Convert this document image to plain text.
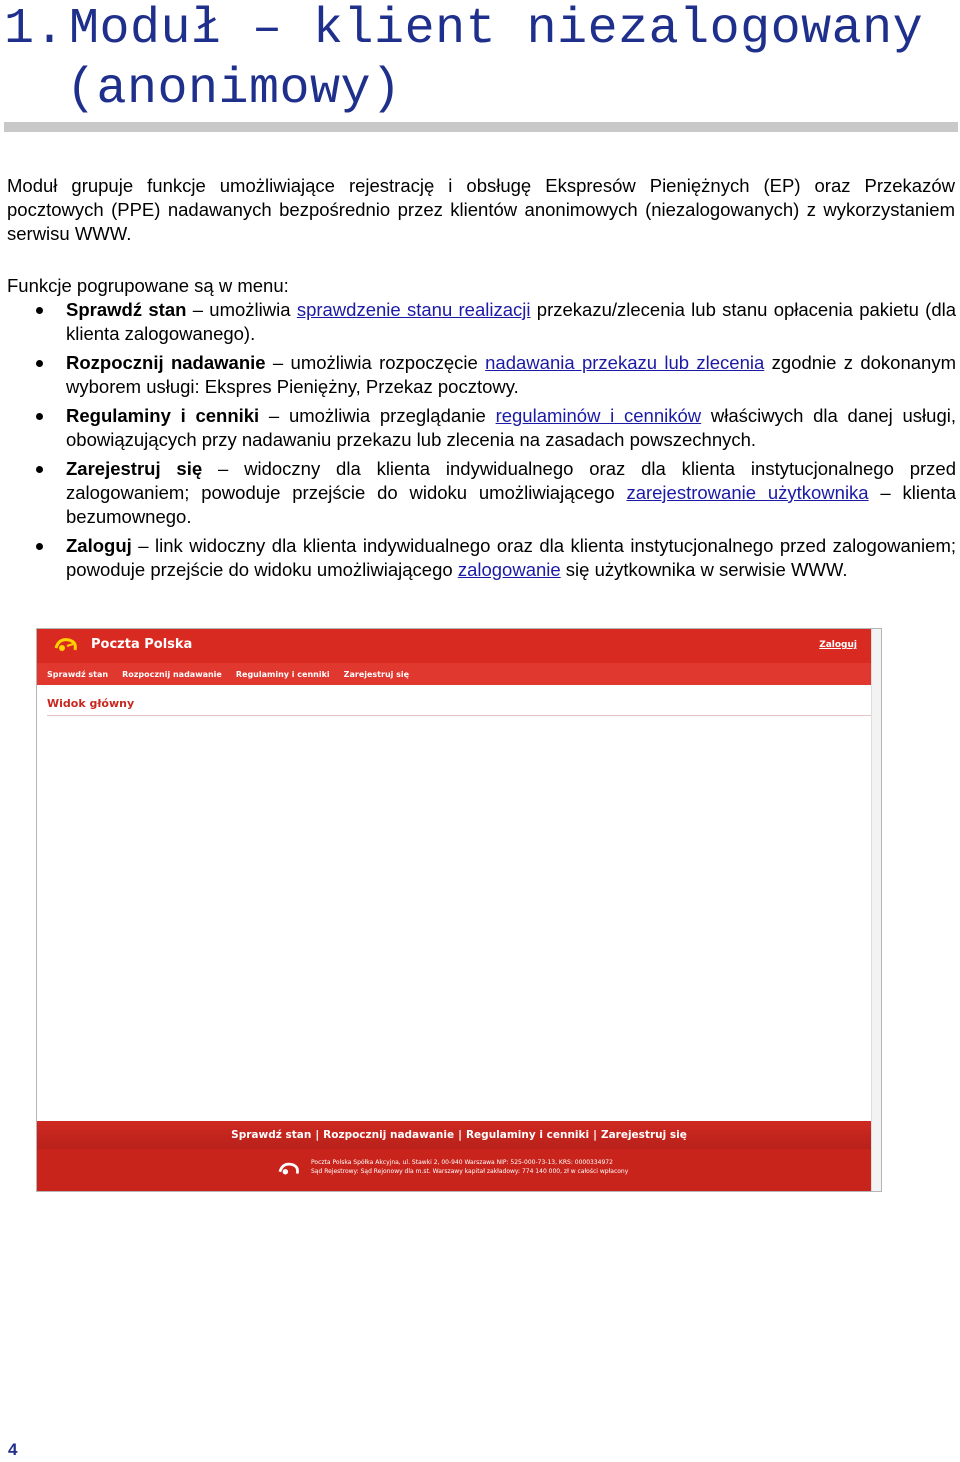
1.Moduł – klient niezalogowany
(anonimowy)
Moduł grupuje funkcje umożliwiające rejestrację i obsługę Ekspresów Pieniężnych (EP) oraz Przekazów pocztowych (PPE) nadawanych bezpośrednio przez klientów anonimowych (niezalogowanych) z wykorzystaniem serwisu WWW.
Funkcje pogrupowane są w menu:
Sprawdź stan – umożliwia sprawdzenie stanu realizacji przekazu/zlecenia lub stanu opłacenia pakietu (dla klienta zalogowanego).
Rozpocznij nadawanie – umożliwia rozpoczęcie nadawania przekazu lub zlecenia zgodnie z dokonanym wyborem usługi: Ekspres Pieniężny, Przekaz pocztowy.
Regulaminy i cenniki – umożliwia przeglądanie regulaminów i cenników właściwych dla danej usługi, obowiązujących przy nadawaniu przekazu lub zlecenia na zasadach powszechnych.
Zarejestruj się – widoczny dla klienta indywidualnego oraz dla klienta instytucjonalnego przed zalogowaniem; powoduje przejście do widoku umożliwiającego zarejestrowanie użytkownika – klienta bezumownego.
Zaloguj – link widoczny dla klienta indywidualnego oraz dla klienta instytucjonalnego przed zalogowaniem; powoduje przejście do widoku umożliwiającego zalogowanie się użytkownika w serwisie WWW.
Poczta Polska	Zaloguj
Sprawdź stan Rozpocznij nadawanie Regulaminy i cenniki Zarejestruj się
Widok główny
Sprawdź stan | Rozpocznij nadawanie | Regulaminy i cenniki | Zarejestruj się
Poczta Polska Spółka Akcyjna, ul. Stawki 2, 00-940 Warszawa NIP: 525-000-73-13, KRS: 0000334972
Sąd Rejestrowy: Sąd Rejonowy dla m.st. Warszawy kapitał zakładowy: 774 140 000, zł w całości wpłacony
4
